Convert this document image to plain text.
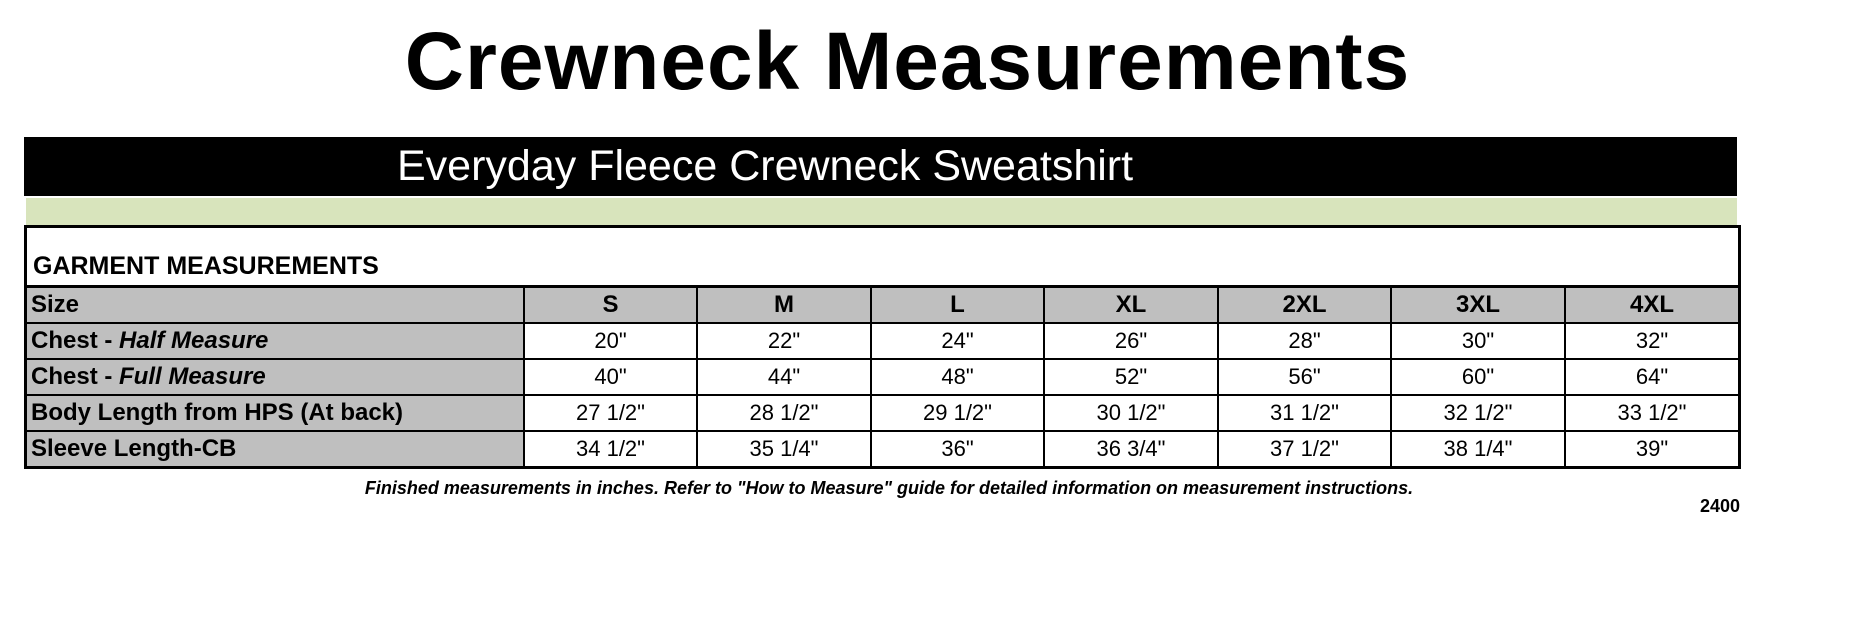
Crewneck Measurements
Everyday Fleece Crewneck Sweatshirt
GARMENT MEASUREMENTS
Size	S	M	L	XL	2XL	3XL	4XL
Chest - Half Measure	20"	22"	24"	26"	28"	30"	32"
Chest - Full Measure	40"	44"	48"	52"	56"	60"	64"
Body Length from HPS (At back)	27 1/2"	28 1/2"	29 1/2"	30 1/2"	31 1/2"	32 1/2"	33 1/2"
Sleeve Length-CB	34 1/2"	35 1/4"	36"	36 3/4"	37 1/2"	38 1/4"	39"
Finished measurements in inches. Refer to "How to Measure" guide for detailed information on measurement instructions.
2400
